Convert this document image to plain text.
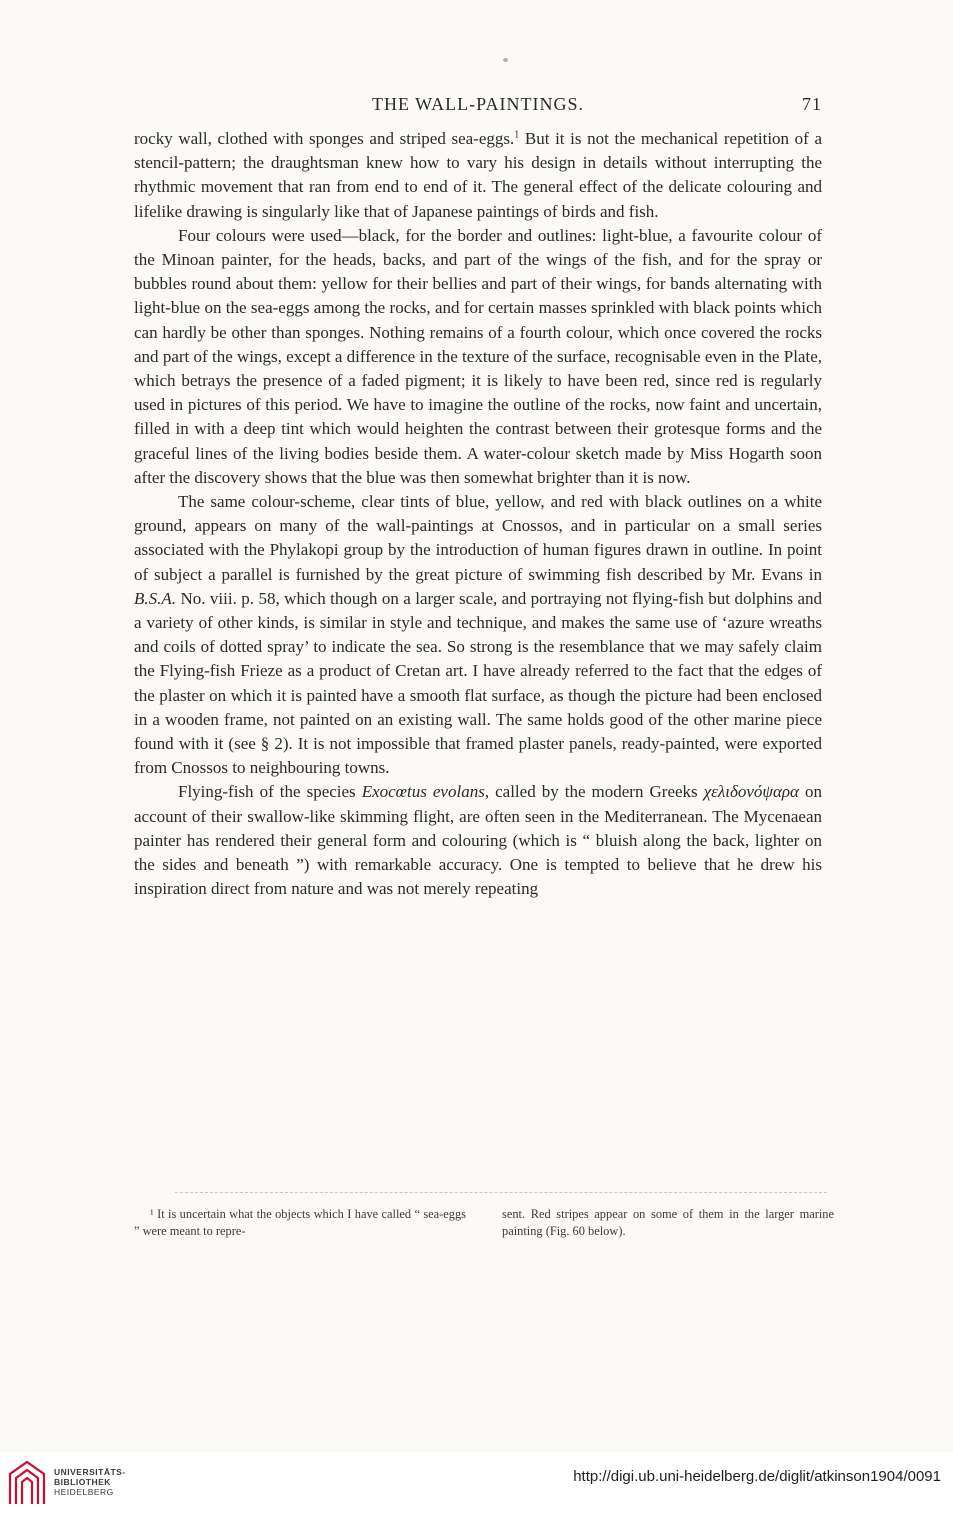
THE WALL-PAINTINGS.	71

rocky wall, clothed with sponges and striped sea-eggs.$^1$ But it is not the mechanical repetition of a stencil-pattern; the draughtsman knew how to vary his design in details without interrupting the rhythmic movement that ran from end to end of it. The general effect of the delicate colouring and lifelike drawing is singularly like that of Japanese paintings of birds and fish.

Four colours were used—black, for the border and outlines: light-blue, a favourite colour of the Minoan painter, for the heads, backs, and part of the wings of the fish, and for the spray or bubbles round about them: yellow for their bellies and part of their wings, for bands alternating with light-blue on the sea-eggs among the rocks, and for certain masses sprinkled with black points which can hardly be other than sponges. Nothing remains of a fourth colour, which once covered the rocks and part of the wings, except a difference in the texture of the surface, recognisable even in the Plate, which betrays the presence of a faded pigment; it is likely to have been red, since red is regularly used in pictures of this period. We have to imagine the outline of the rocks, now faint and uncertain, filled in with a deep tint which would heighten the contrast between their grotesque forms and the graceful lines of the living bodies beside them. A water-colour sketch made by Miss Hogarth soon after the discovery shows that the blue was then somewhat brighter than it is now.

The same colour-scheme, clear tints of blue, yellow, and red with black outlines on a white ground, appears on many of the wall-paintings at Cnossos, and in particular on a small series associated with the Phylakopi group by the introduction of human figures drawn in outline. In point of subject a parallel is furnished by the great picture of swimming fish described by Mr. Evans in B.S.A. No. viii. p. 58, which though on a larger scale, and portraying not flying-fish but dolphins and a variety of other kinds, is similar in style and technique, and makes the same use of ‘azure wreaths and coils of dotted spray’ to indicate the sea. So strong is the resemblance that we may safely claim the Flying-fish Frieze as a product of Cretan art. I have already referred to the fact that the edges of the plaster on which it is painted have a smooth flat surface, as though the picture had been enclosed in a wooden frame, not painted on an existing wall. The same holds good of the other marine piece found with it (see § 2). It is not impossible that framed plaster panels, ready-painted, were exported from Cnossos to neighbouring towns.

Flying-fish of the species Exocœtus evolans, called by the modern Greeks χελιδονόψαρα on account of their swallow-like skimming flight, are often seen in the Mediterranean. The Mycenaean painter has rendered their general form and colouring (which is “ bluish along the back, lighter on the sides and beneath ”) with remarkable accuracy. One is tempted to believe that he drew his inspiration direct from nature and was not merely repeating

¹ It is uncertain what the objects which I have called “ sea-eggs ” were meant to repre-
sent. Red stripes appear on some of them in the larger marine painting (Fig. 60 below).
UNIVERSITÄTS-
BIBLIOTHEK
HEIDELBERG
http://digi.ub.uni-heidelberg.de/diglit/atkinson1904/0091
